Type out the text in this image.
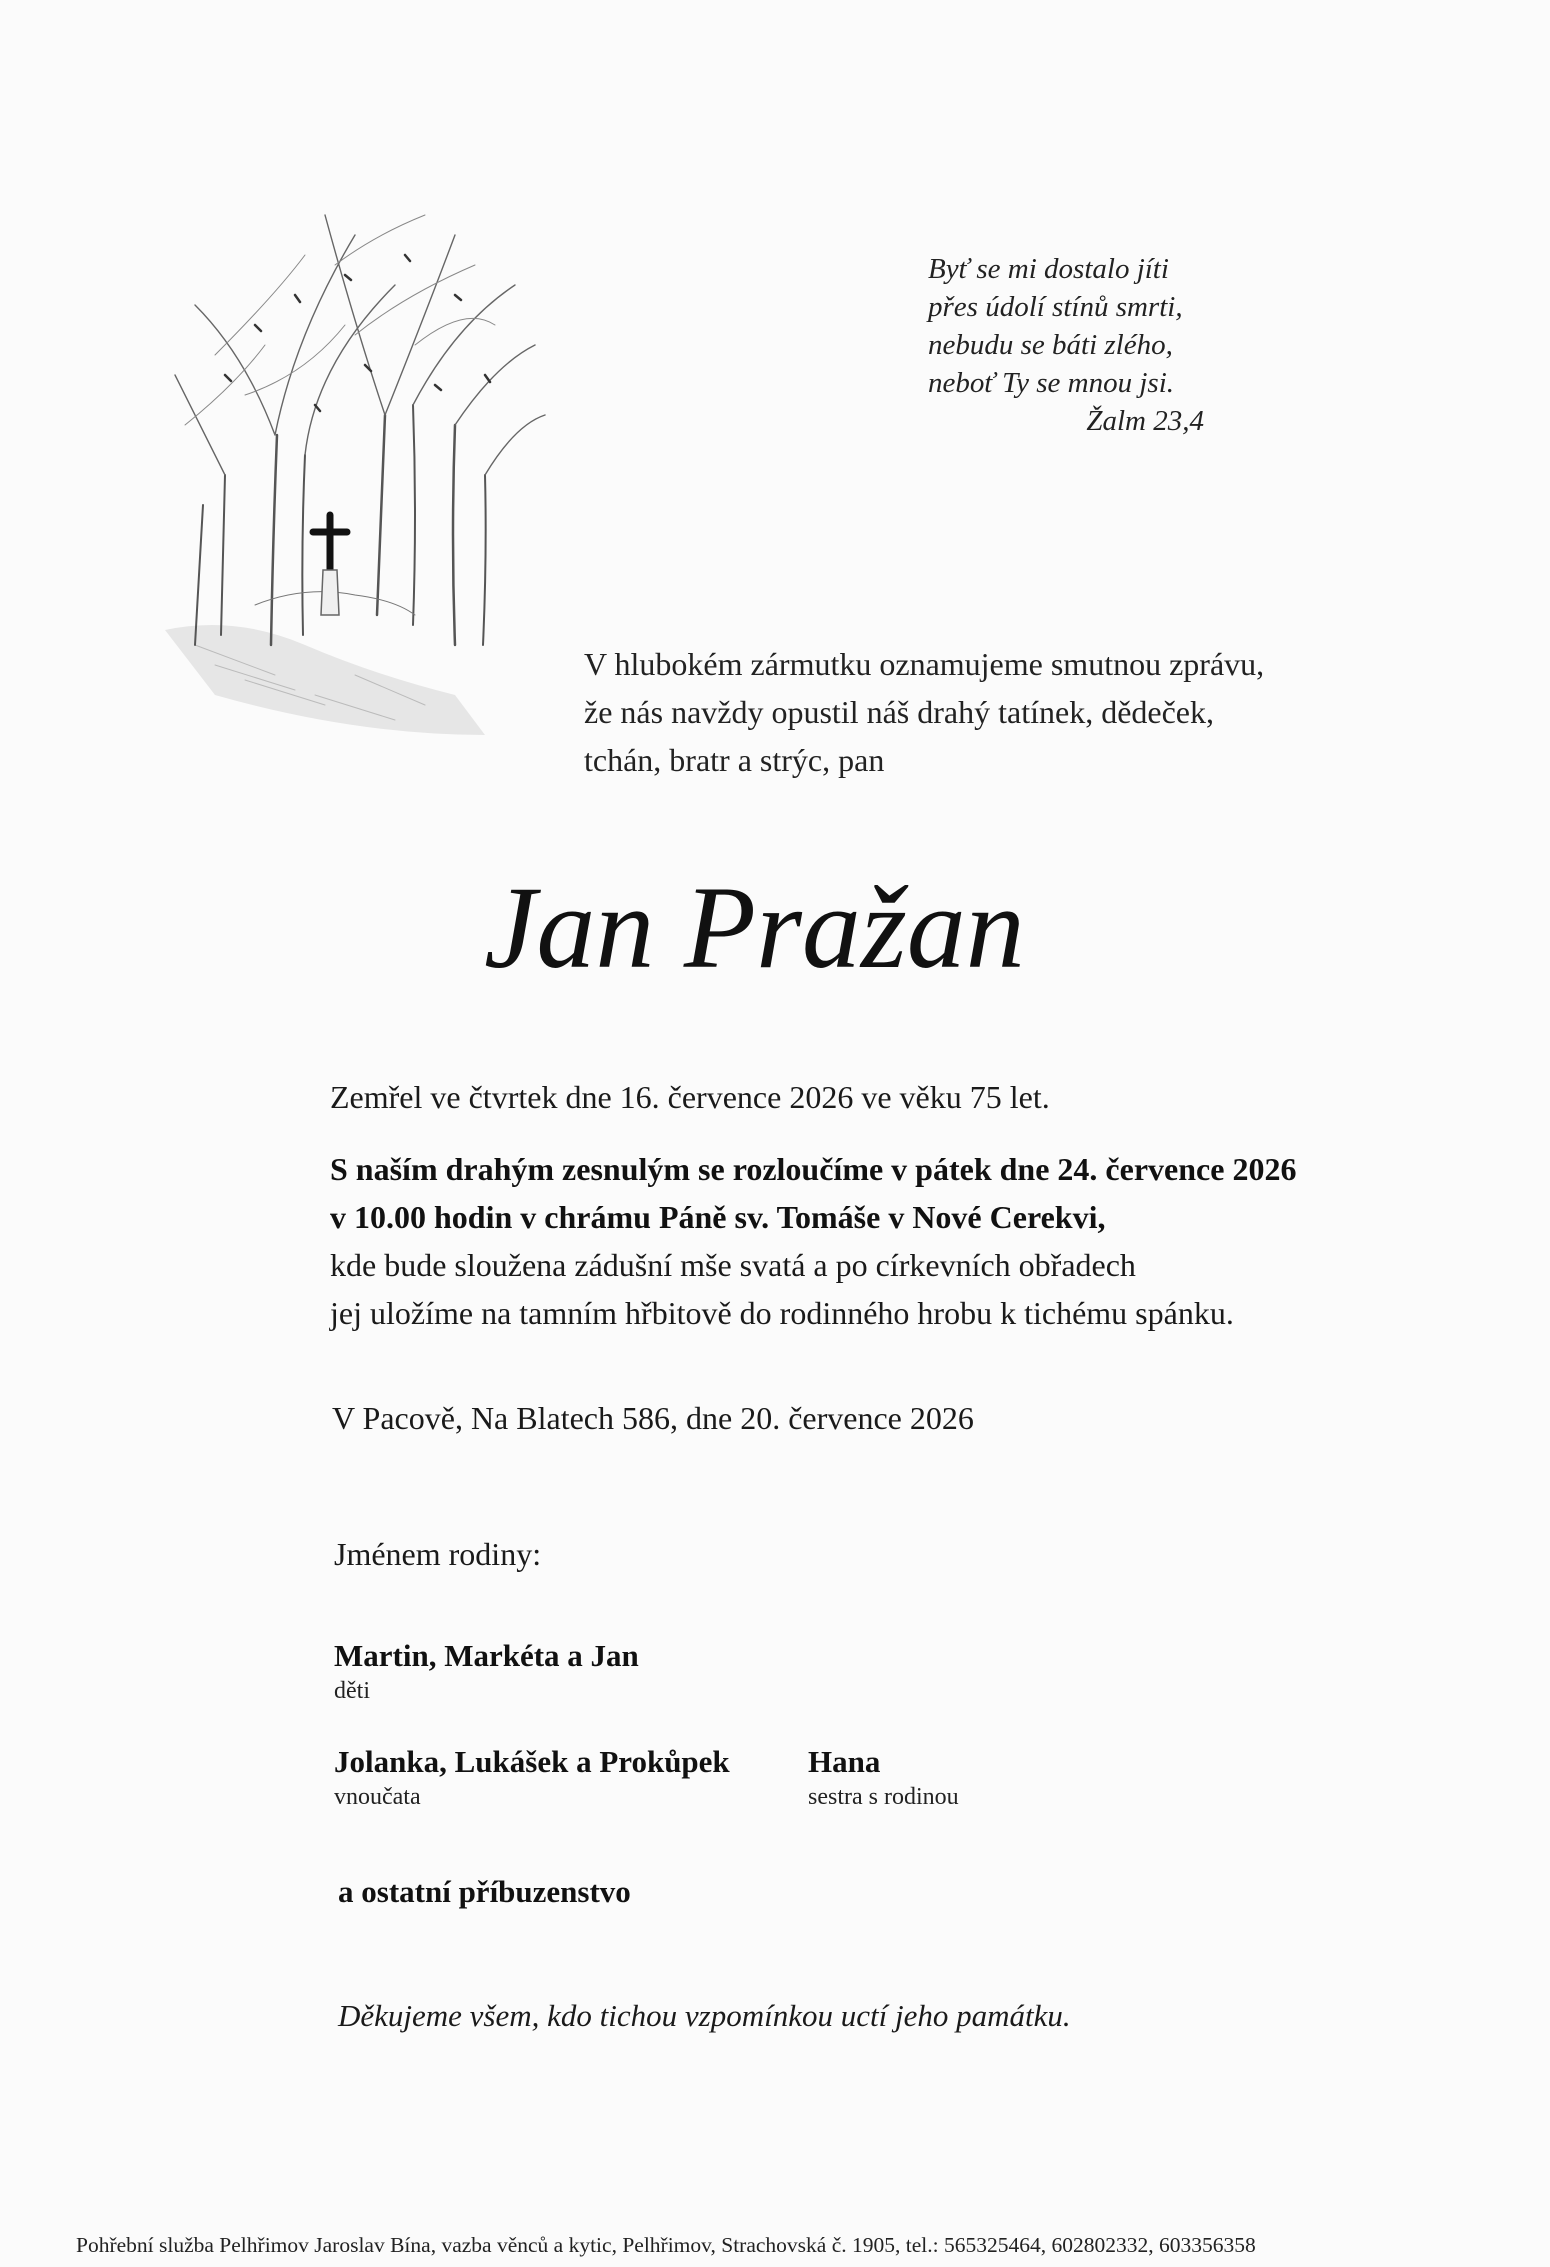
Byť se mi dostalo jíti
přes údolí stínů smrti,
nebudu se báti zlého,
neboť Ty se mnou jsi.
Žalm 23,4
V hlubokém zármutku oznamujeme smutnou zprávu,
že nás navždy opustil náš drahý tatínek, dědeček,
tchán, bratr a strýc, pan
Jan Pražan
Zemřel ve čtvrtek dne 16. července 2026 ve věku 75 let.
S naším drahým zesnulým se rozloučíme v pátek dne 24. července 2026
v 10.00 hodin v chrámu Páně sv. Tomáše v Nové Cerekvi,
kde bude sloužena zádušní mše svatá a po církevních obřadech
jej uložíme na tamním hřbitově do rodinného hrobu k tichému spánku.
V Pacově, Na Blatech 586, dne 20. července 2026
Jménem rodiny:
Martin, Markéta a Jan
děti
Jolanka, Lukášek a Prokůpek
vnoučata
Hana
sestra s rodinou
a ostatní příbuzenstvo
Děkujeme všem, kdo tichou vzpomínkou uctí jeho památku.
Pohřební služba Pelhřimov Jaroslav Bína, vazba věnců a kytic, Pelhřimov, Strachovská č. 1905, tel.: 565325464, 602802332, 603356358
